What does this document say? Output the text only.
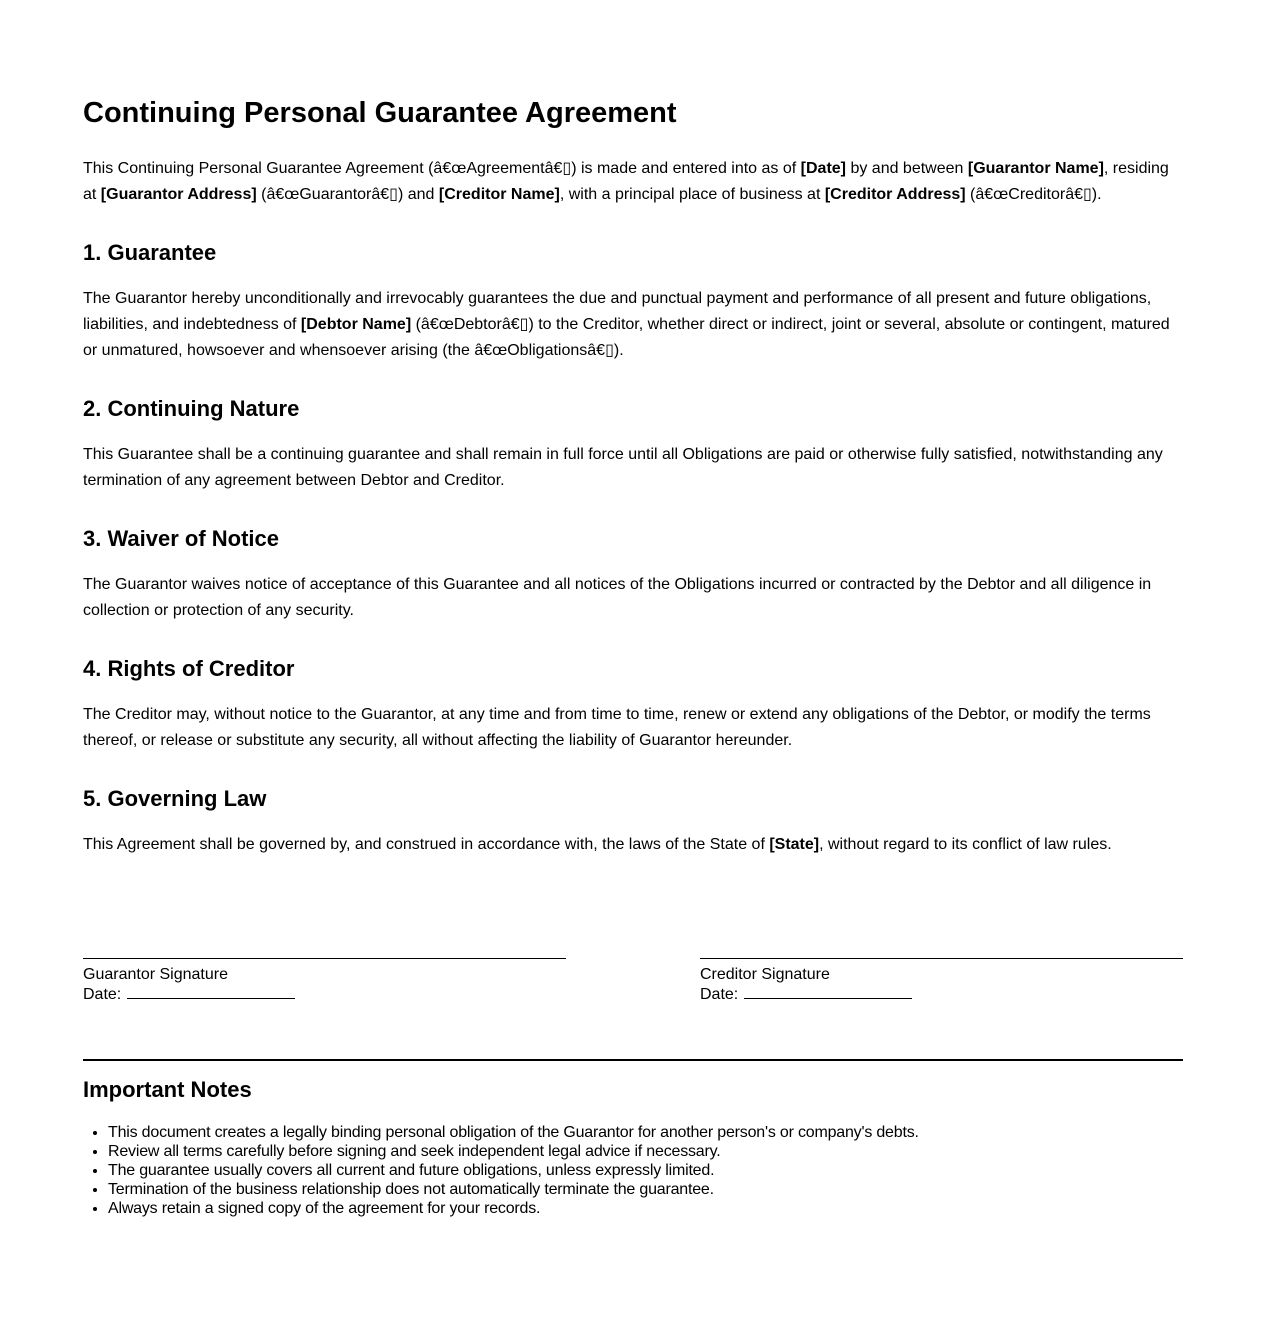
Continuing Personal Guarantee Agreement

This Continuing Personal Guarantee Agreement (â€œAgreementâ€▯) is made and entered into as of [Date] by and between [Guarantor Name], residing at [Guarantor Address] (â€œGuarantorâ€▯) and [Creditor Name], with a principal place of business at [Creditor Address] (â€œCreditorâ€▯).

1. Guarantee

The Guarantor hereby unconditionally and irrevocably guarantees the due and punctual payment and performance of all present and future obligations, liabilities, and indebtedness of [Debtor Name] (â€œDebtorâ€▯) to the Creditor, whether direct or indirect, joint or several, absolute or contingent, matured or unmatured, howsoever and whensoever arising (the â€œObligationsâ€▯).

2. Continuing Nature

This Guarantee shall be a continuing guarantee and shall remain in full force until all Obligations are paid or otherwise fully satisfied, notwithstanding any termination of any agreement between Debtor and Creditor.

3. Waiver of Notice

The Guarantor waives notice of acceptance of this Guarantee and all notices of the Obligations incurred or contracted by the Debtor and all diligence in collection or protection of any security.

4. Rights of Creditor

The Creditor may, without notice to the Guarantor, at any time and from time to time, renew or extend any obligations of the Debtor, or modify the terms thereof, or release or substitute any security, all without affecting the liability of Guarantor hereunder.

5. Governing Law

This Agreement shall be governed by, and construed in accordance with, the laws of the State of [State], without regard to its conflict of law rules.

Guarantor Signature
Date:
Creditor Signature
Date:
Important Notes
• This document creates a legally binding personal obligation of the Guarantor for another person's or company's debts.
• Review all terms carefully before signing and seek independent legal advice if necessary.
• The guarantee usually covers all current and future obligations, unless expressly limited.
• Termination of the business relationship does not automatically terminate the guarantee.
• Always retain a signed copy of the agreement for your records.
